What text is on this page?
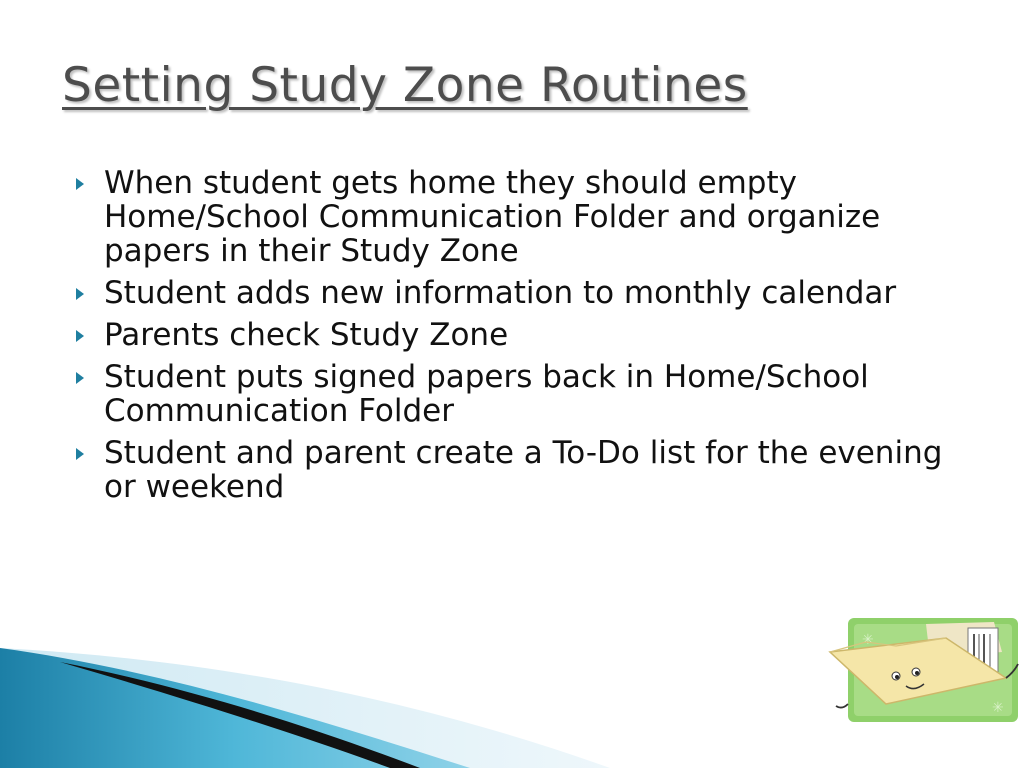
Setting Study Zone Routines
When student gets home they should empty Home/School Communication Folder and organize papers in their Study Zone
Student adds new information to monthly calendar
Parents check Study Zone
Student puts signed papers back in Home/School Communication Folder
Student and parent create a To-Do list for the evening or weekend
✳
✳
